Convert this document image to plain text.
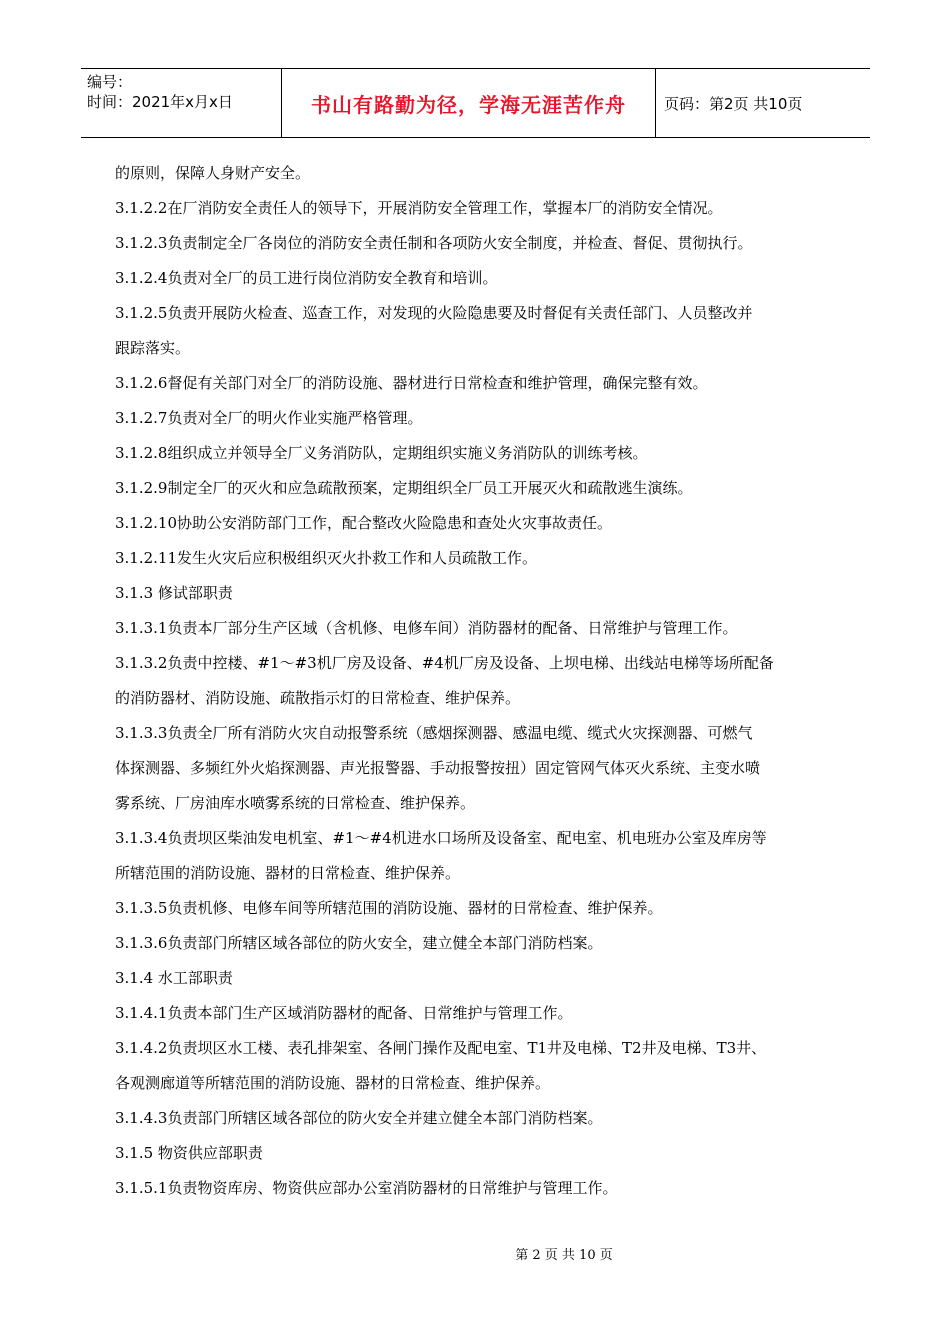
编号：
时间：2021年x月x日	书山有路勤为径，学海无涯苦作舟	页码：第2页 共10页
的原则，保障人身财产安全。
3.1.2.2在厂消防安全责任人的领导下，开展消防安全管理工作，掌握本厂的消防安全情况。
3.1.2.3负责制定全厂各岗位的消防安全责任制和各项防火安全制度，并检查、督促、贯彻执行。
3.1.2.4负责对全厂的员工进行岗位消防安全教育和培训。
3.1.2.5负责开展防火检查、巡查工作，对发现的火险隐患要及时督促有关责任部门、人员整改并
跟踪落实。
3.1.2.6督促有关部门对全厂的消防设施、器材进行日常检查和维护管理，确保完整有效。
3.1.2.7负责对全厂的明火作业实施严格管理。
3.1.2.8组织成立并领导全厂义务消防队，定期组织实施义务消防队的训练考核。
3.1.2.9制定全厂的灭火和应急疏散预案，定期组织全厂员工开展灭火和疏散逃生演练。
3.1.2.10协助公安消防部门工作，配合整改火险隐患和查处火灾事故责任。
3.1.2.11发生火灾后应积极组织灭火扑救工作和人员疏散工作。
3.1.3 修试部职责
3.1.3.1负责本厂部分生产区域（含机修、电修车间）消防器材的配备、日常维护与管理工作。
3.1.3.2负责中控楼、#1～#3机厂房及设备、#4机厂房及设备、上坝电梯、出线站电梯等场所配备
的消防器材、消防设施、疏散指示灯的日常检查、维护保养。
3.1.3.3负责全厂所有消防火灾自动报警系统（感烟探测器、感温电缆、缆式火灾探测器、可燃气
体探测器、多频红外火焰探测器、声光报警器、手动报警按扭）固定管网气体灭火系统、主变水喷
雾系统、厂房油库水喷雾系统的日常检查、维护保养。
3.1.3.4负责坝区柴油发电机室、#1～#4机进水口场所及设备室、配电室、机电班办公室及库房等
所辖范围的消防设施、器材的日常检查、维护保养。
3.1.3.5负责机修、电修车间等所辖范围的消防设施、器材的日常检查、维护保养。
3.1.3.6负责部门所辖区域各部位的防火安全，建立健全本部门消防档案。
3.1.4 水工部职责
3.1.4.1负责本部门生产区域消防器材的配备、日常维护与管理工作。
3.1.4.2负责坝区水工楼、表孔排架室、各闸门操作及配电室、T1井及电梯、T2井及电梯、T3井、
各观测廊道等所辖范围的消防设施、器材的日常检查、维护保养。
3.1.4.3负责部门所辖区域各部位的防火安全并建立健全本部门消防档案。
3.1.5 物资供应部职责
3.1.5.1负责物资库房、物资供应部办公室消防器材的日常维护与管理工作。
第 2 页 共 10 页
